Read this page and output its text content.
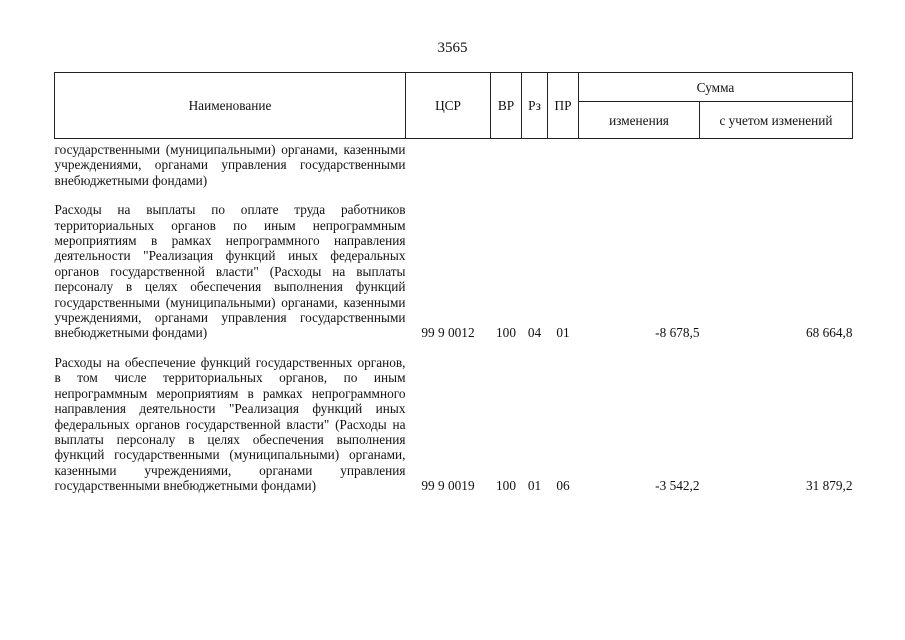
3565
Наименование	ЦСР	ВР	Рз	ПР	Сумма	
					изменения	с учетом изменений

государственными (муниципальными) органами, казенными учреждениями, органами управления государственными внебюджетными фондами)						

Расходы на выплаты по оплате труда работников территориальных органов по иным непрограммным мероприятиям в рамках непрограммного направления деятельности "Реализация функций иных федеральных органов государственной власти" (Расходы на выплаты персоналу в целях обеспечения выполнения функций государственными (муниципальными) органами, казенными учреждениями, органами управления государственными внебюджетными фондами)	99 9 0012	100	04	01	-8 678,5	68 664,8

Расходы на обеспечение функций государственных органов, в том числе территориальных органов, по иным непрограммным мероприятиям в рамках непрограммного направления деятельности "Реализация функций иных федеральных органов государственной власти" (Расходы на выплаты персоналу в целях обеспечения выполнения функций государственными (муниципальными) органами, казенными учреждениями, органами управления государственными внебюджетными фондами)	99 9 0019	100	01	06	-3 542,2	31 879,2
